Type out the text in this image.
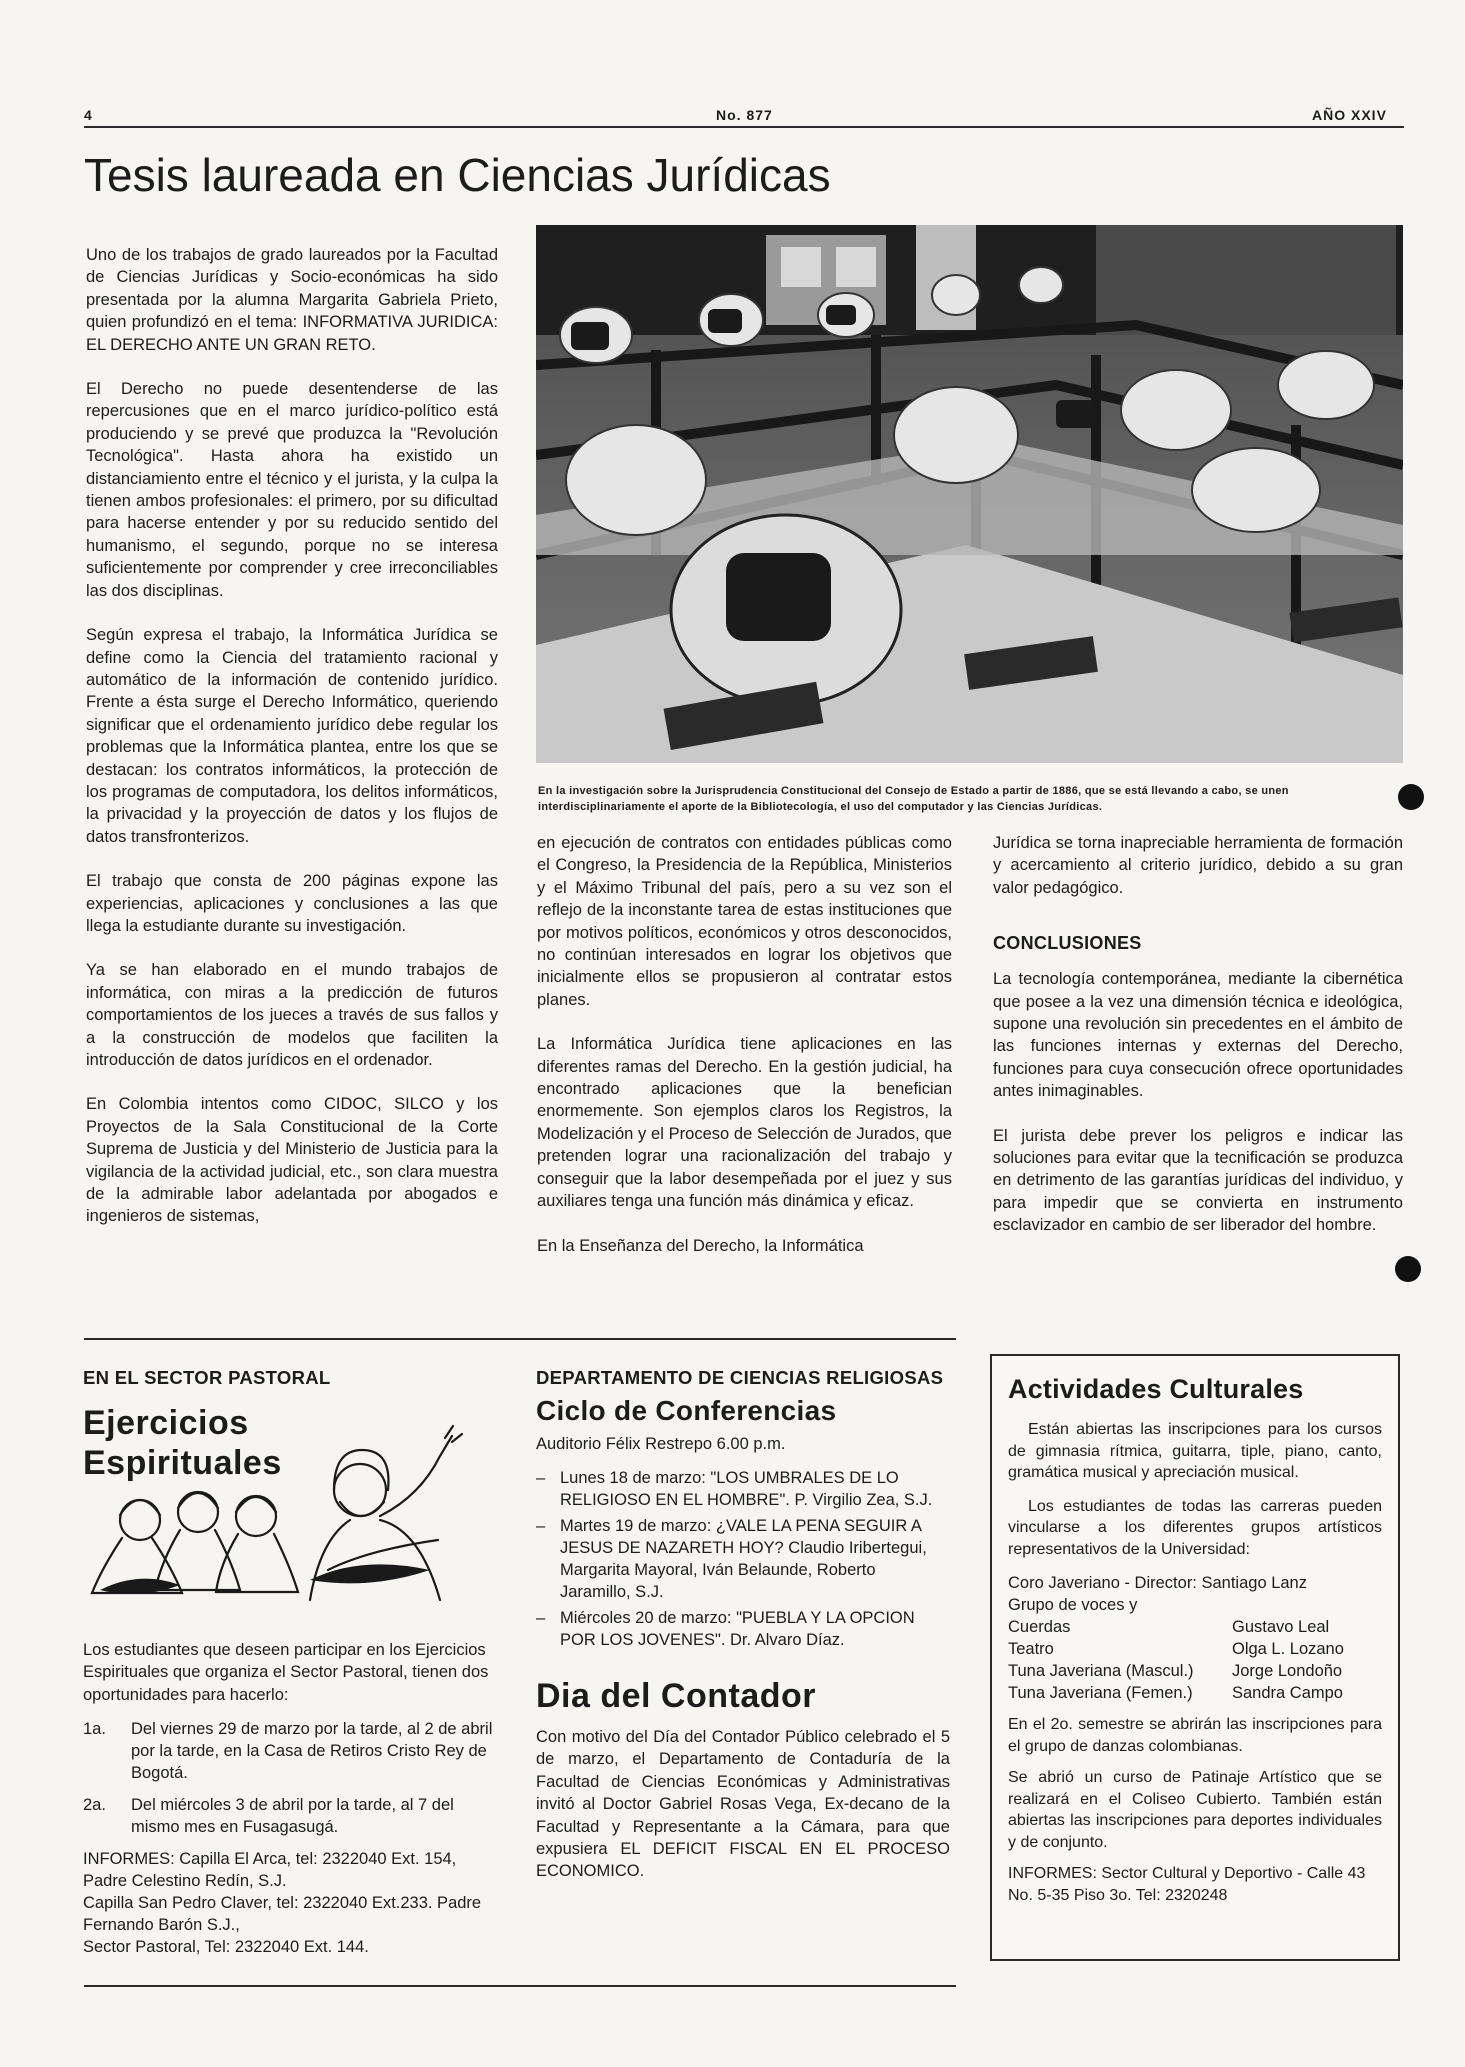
4	No. 877	AÑO XXIV
Tesis laureada en Ciencias Jurídicas

Uno de los trabajos de grado laureados por la Facultad de Ciencias Jurídicas y Socio-económicas ha sido presentada por la alumna Margarita Gabriela Prieto, quien profundizó en el tema: INFORMATIVA JURIDICA: EL DERECHO ANTE UN GRAN RETO.

El Derecho no puede desentenderse de las repercusiones que en el marco jurídico-político está produciendo y se prevé que produzca la "Revolución Tecnológica". Hasta ahora ha existido un distanciamiento entre el técnico y el jurista, y la culpa la tienen ambos profesionales: el primero, por su dificultad para hacerse entender y por su reducido sentido del humanismo, el segundo, porque no se interesa suficientemente por comprender y cree irreconciliables las dos disciplinas.

Según expresa el trabajo, la Informática Jurídica se define como la Ciencia del tratamiento racional y automático de la información de contenido jurídico. Frente a ésta surge el Derecho Informático, queriendo significar que el ordenamiento jurídico debe regular los problemas que la Informática plantea, entre los que se destacan: los contratos informáticos, la protección de los programas de computadora, los delitos informáticos, la privacidad y la proyección de datos y los flujos de datos transfronterizos.

El trabajo que consta de 200 páginas expone las experiencias, aplicaciones y conclusiones a las que llega la estudiante durante su investigación.

Ya se han elaborado en el mundo trabajos de informática, con miras a la predicción de futuros comportamientos de los jueces a través de sus fallos y a la construcción de modelos que faciliten la introducción de datos jurídicos en el ordenador.

En Colombia intentos como CIDOC, SILCO y los Proyectos de la Sala Constitucional de la Corte Suprema de Justicia y del Ministerio de Justicia para la vigilancia de la actividad judicial, etc., son clara muestra de la admirable labor adelantada por abogados e ingenieros de sistemas,

En la investigación sobre la Jurisprudencia Constitucional del Consejo de Estado a partir de 1886, que se está llevando a cabo, se unen interdisciplinariamente el aporte de la Bibliotecología, el uso del computador y las Ciencias Jurídicas.

en ejecución de contratos con entidades públicas como el Congreso, la Presidencia de la República, Ministerios y el Máximo Tribunal del país, pero a su vez son el reflejo de la inconstante tarea de estas instituciones que por motivos políticos, económicos y otros desconocidos, no continúan interesados en lograr los objetivos que inicialmente ellos se propusieron al contratar estos planes.

La Informática Jurídica tiene aplicaciones en las diferentes ramas del Derecho. En la gestión judicial, ha encontrado aplicaciones que la benefician enormemente. Son ejemplos claros los Registros, la Modelización y el Proceso de Selección de Jurados, que pretenden lograr una racionalización del trabajo y conseguir que la labor desempeñada por el juez y sus auxiliares tenga una función más dinámica y eficaz.

En la Enseñanza del Derecho, la Informática

Jurídica se torna inapreciable herramienta de formación y acercamiento al criterio jurídico, debido a su gran valor pedagógico.

CONCLUSIONES

La tecnología contemporánea, mediante la cibernética que posee a la vez una dimensión técnica e ideológica, supone una revolución sin precedentes en el ámbito de las funciones internas y externas del Derecho, funciones para cuya consecución ofrece oportunidades antes inimaginables.

El jurista debe prever los peligros e indicar las soluciones para evitar que la tecnificación se produzca en detrimento de las garantías jurídicas del individuo, y para impedir que se convierta en instrumento esclavizador en cambio de ser liberador del hombre.

EN EL SECTOR PASTORAL
Ejercicios
Espirituales

Los estudiantes que deseen participar en los Ejercicios Espirituales que organiza el Sector Pastoral, tienen dos oportunidades para hacerlo:

1a.	Del viernes 29 de marzo por la tarde, al 2 de abril por la tarde, en la Casa de Retiros Cristo Rey de Bogotá.
2a.	Del miércoles 3 de abril por la tarde, al 7 del mismo mes en Fusagasugá.
INFORMES: Capilla El Arca, tel: 2322040 Ext. 154, Padre Celestino Redín, S.J.
Capilla San Pedro Claver, tel: 2322040 Ext.233. Padre Fernando Barón S.J.,
Sector Pastoral, Tel: 2322040 Ext. 144.
DEPARTAMENTO DE CIENCIAS RELIGIOSAS
Ciclo de Conferencias
Auditorio Félix Restrepo 6.00 p.m.
– Lunes 18 de marzo: "LOS UMBRALES DE LO RELIGIOSO EN EL HOMBRE". P. Virgilio Zea, S.J.
– Martes 19 de marzo: ¿VALE LA PENA SEGUIR A JESUS DE NAZARETH HOY? Claudio Iribertegui, Margarita Mayoral, Iván Belaunde, Roberto Jaramillo, S.J.
– Miércoles 20 de marzo: "PUEBLA Y LA OPCION POR LOS JOVENES". Dr. Alvaro Díaz.
Dia del Contador

Con motivo del Día del Contador Público celebrado el 5 de marzo, el Departamento de Contaduría de la Facultad de Ciencias Económicas y Administrativas invitó al Doctor Gabriel Rosas Vega, Ex-decano de la Facultad y Representante a la Cámara, para que expusiera EL DEFICIT FISCAL EN EL PROCESO ECONOMICO.

Actividades Culturales

Están abiertas las inscripciones para los cursos de gimnasia rítmica, guitarra, tiple, piano, canto, gramática musical y apreciación musical.

Los estudiantes de todas las carreras pueden vincularse a los diferentes grupos artísticos representativos de la Universidad:

Coro Javeriano - Director: Santiago Lanz
Grupo de voces y
Cuerdas	Gustavo Leal
Teatro	Olga L. Lozano
Tuna Javeriana (Mascul.)	Jorge Londoño
Tuna Javeriana (Femen.)	Sandra Campo

En el 2o. semestre se abrirán las inscripciones para el grupo de danzas colombianas.

Se abrió un curso de Patinaje Artístico que se realizará en el Coliseo Cubierto. También están abiertas las inscripciones para deportes individuales y de conjunto.

INFORMES: Sector Cultural y Deportivo - Calle 43 No. 5-35 Piso 3o. Tel: 2320248
